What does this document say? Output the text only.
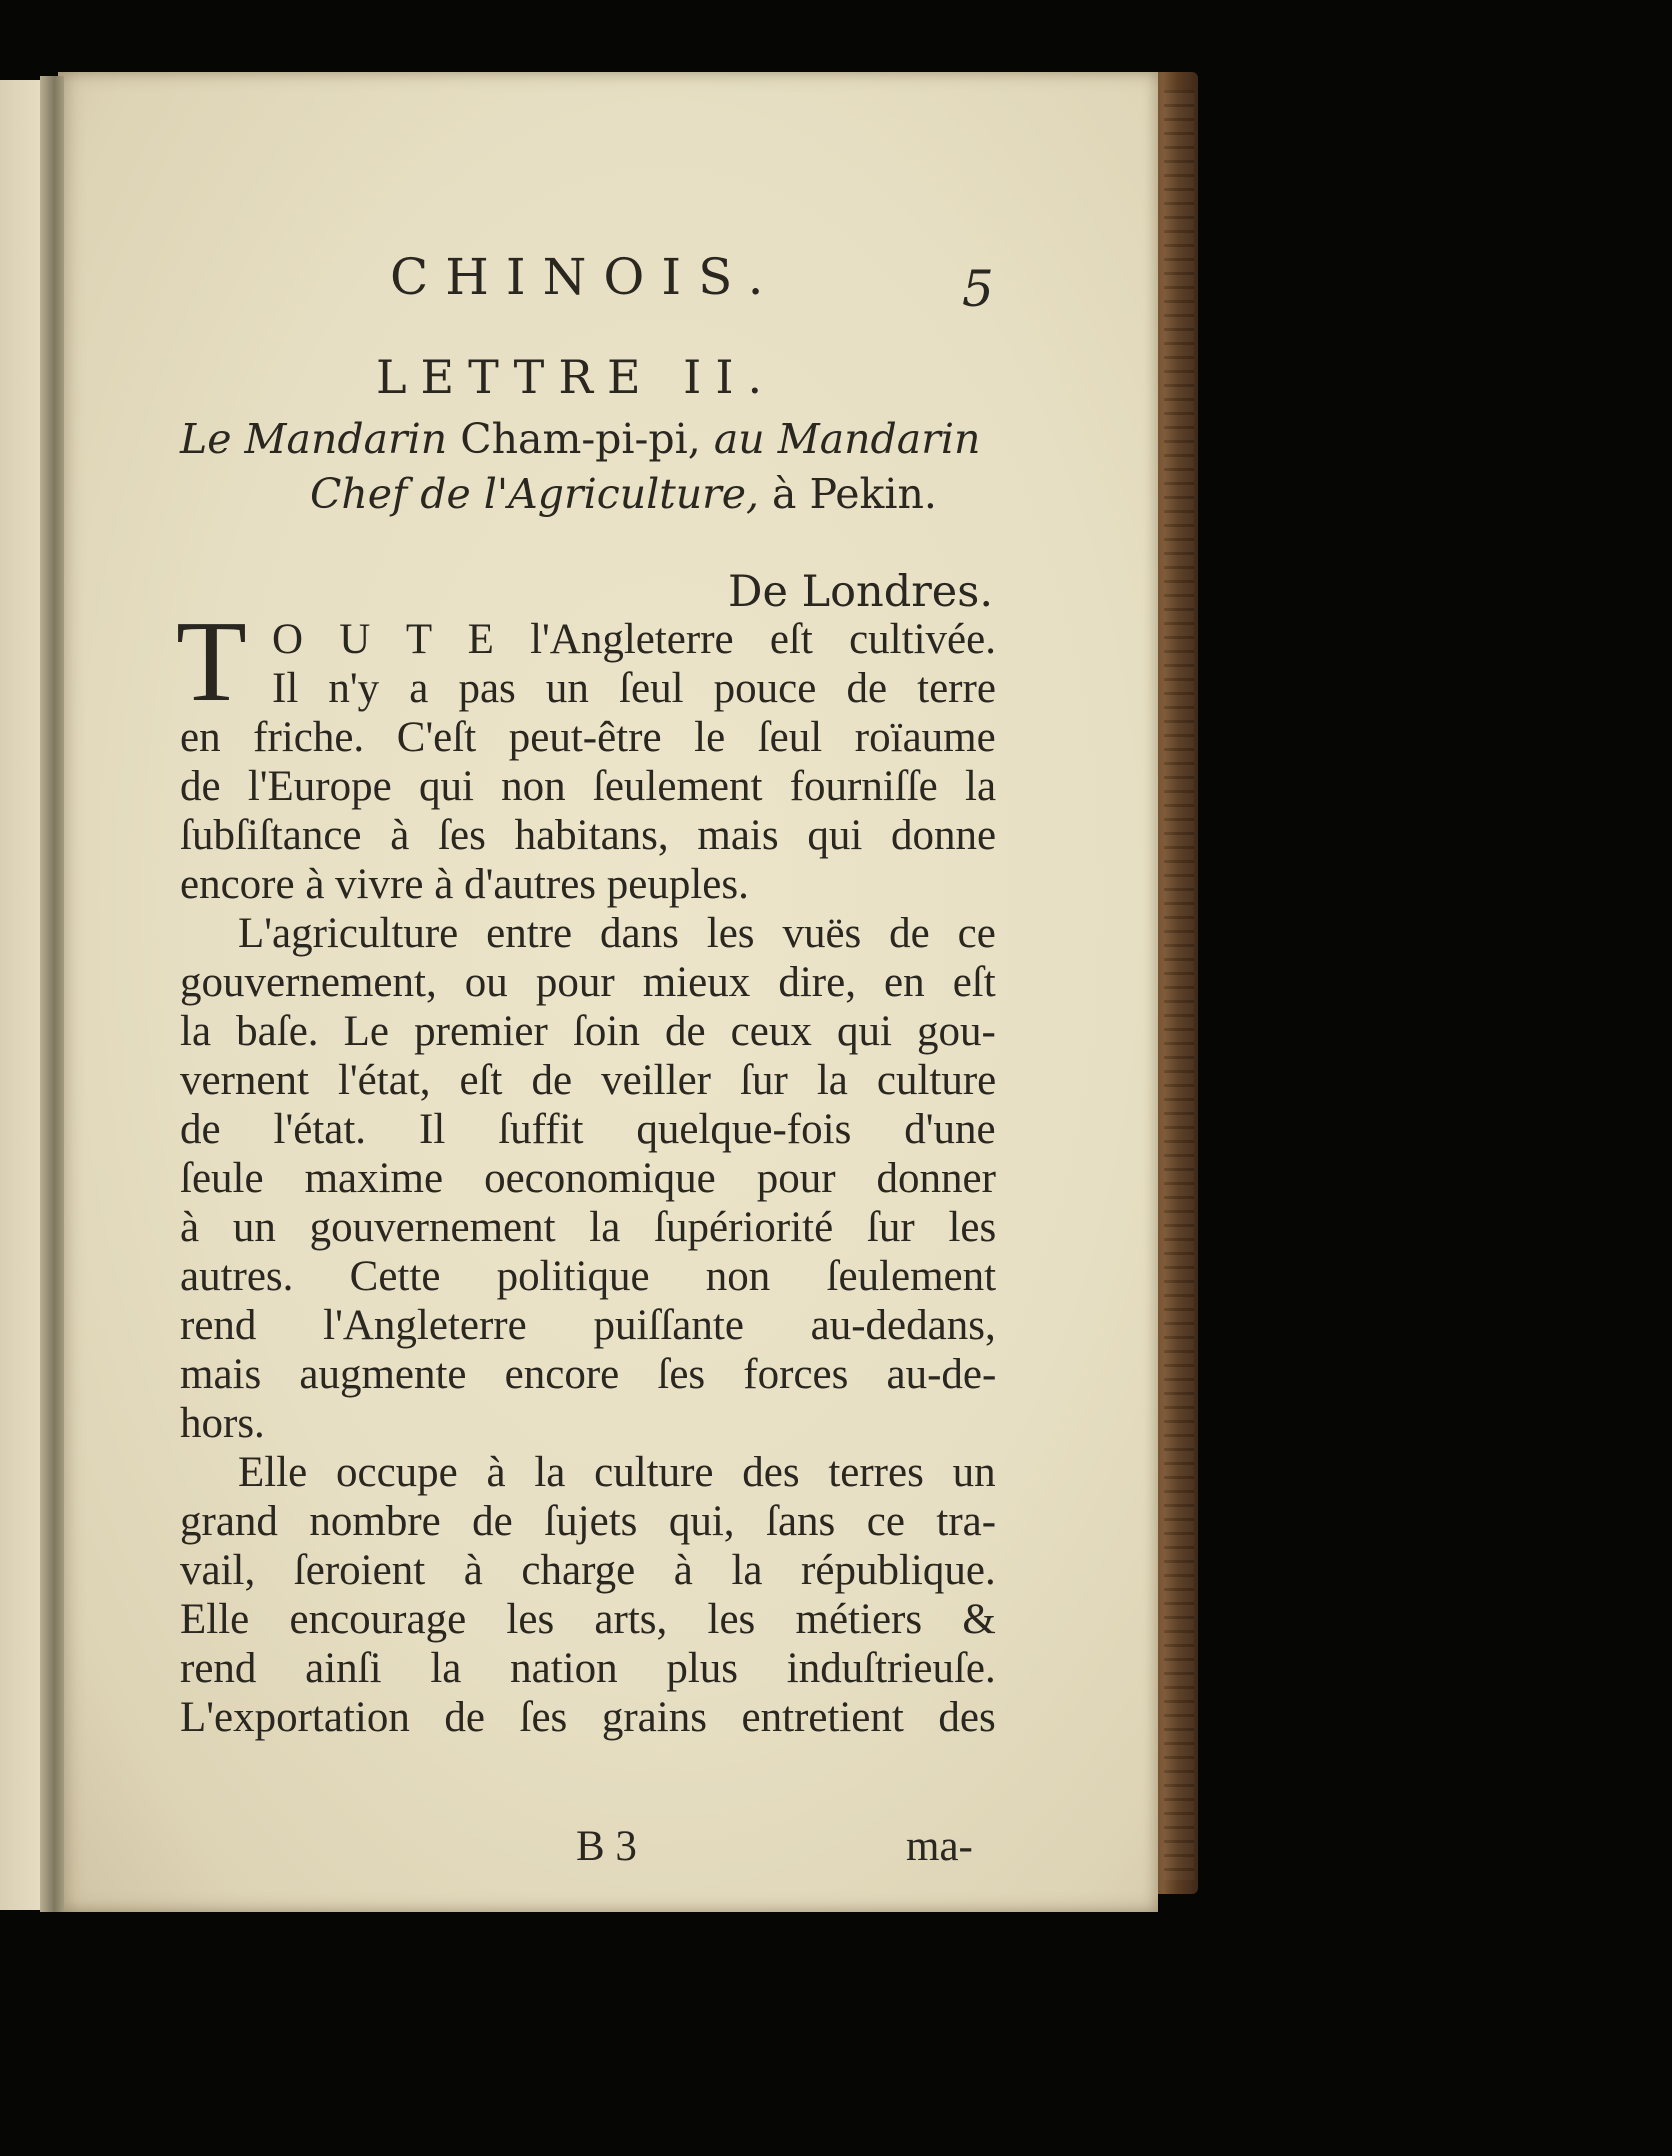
CHINOIS.	5
LETTRE II.
Le Mandarin Cham-pi-pi, au Mandarin
Chef de l'Agriculture, à Pekin.
De Londres.
T O U T E l'Angleterre eſt cultivée.
Il n'y a pas un ſeul pouce de terre
en friche. C'eſt peut-être le ſeul roïaume
de l'Europe qui non ſeulement fourniſſe la
ſubſiſtance à ſes habitans, mais qui donne
encore à vivre à d'autres peuples.
L'agriculture entre dans les vuës de ce
gouvernement, ou pour mieux dire, en eſt
la baſe. Le premier ſoin de ceux qui gou-
vernent l'état, eſt de veiller ſur la culture
de l'état. Il ſuffit quelque-fois d'une
ſeule maxime oeconomique pour donner
à un gouvernement la ſupériorité ſur les
autres. Cette politique non ſeulement
rend l'Angleterre puiſſante au-dedans,
mais augmente encore ſes forces au-de-
hors.
Elle occupe à la culture des terres un
grand nombre de ſujets qui, ſans ce tra-
vail, ſeroient à charge à la république.
Elle encourage les arts, les métiers &
rend ainſi la nation plus induſtrieuſe.
L'exportation de ſes grains entretient des
B 3	ma-
